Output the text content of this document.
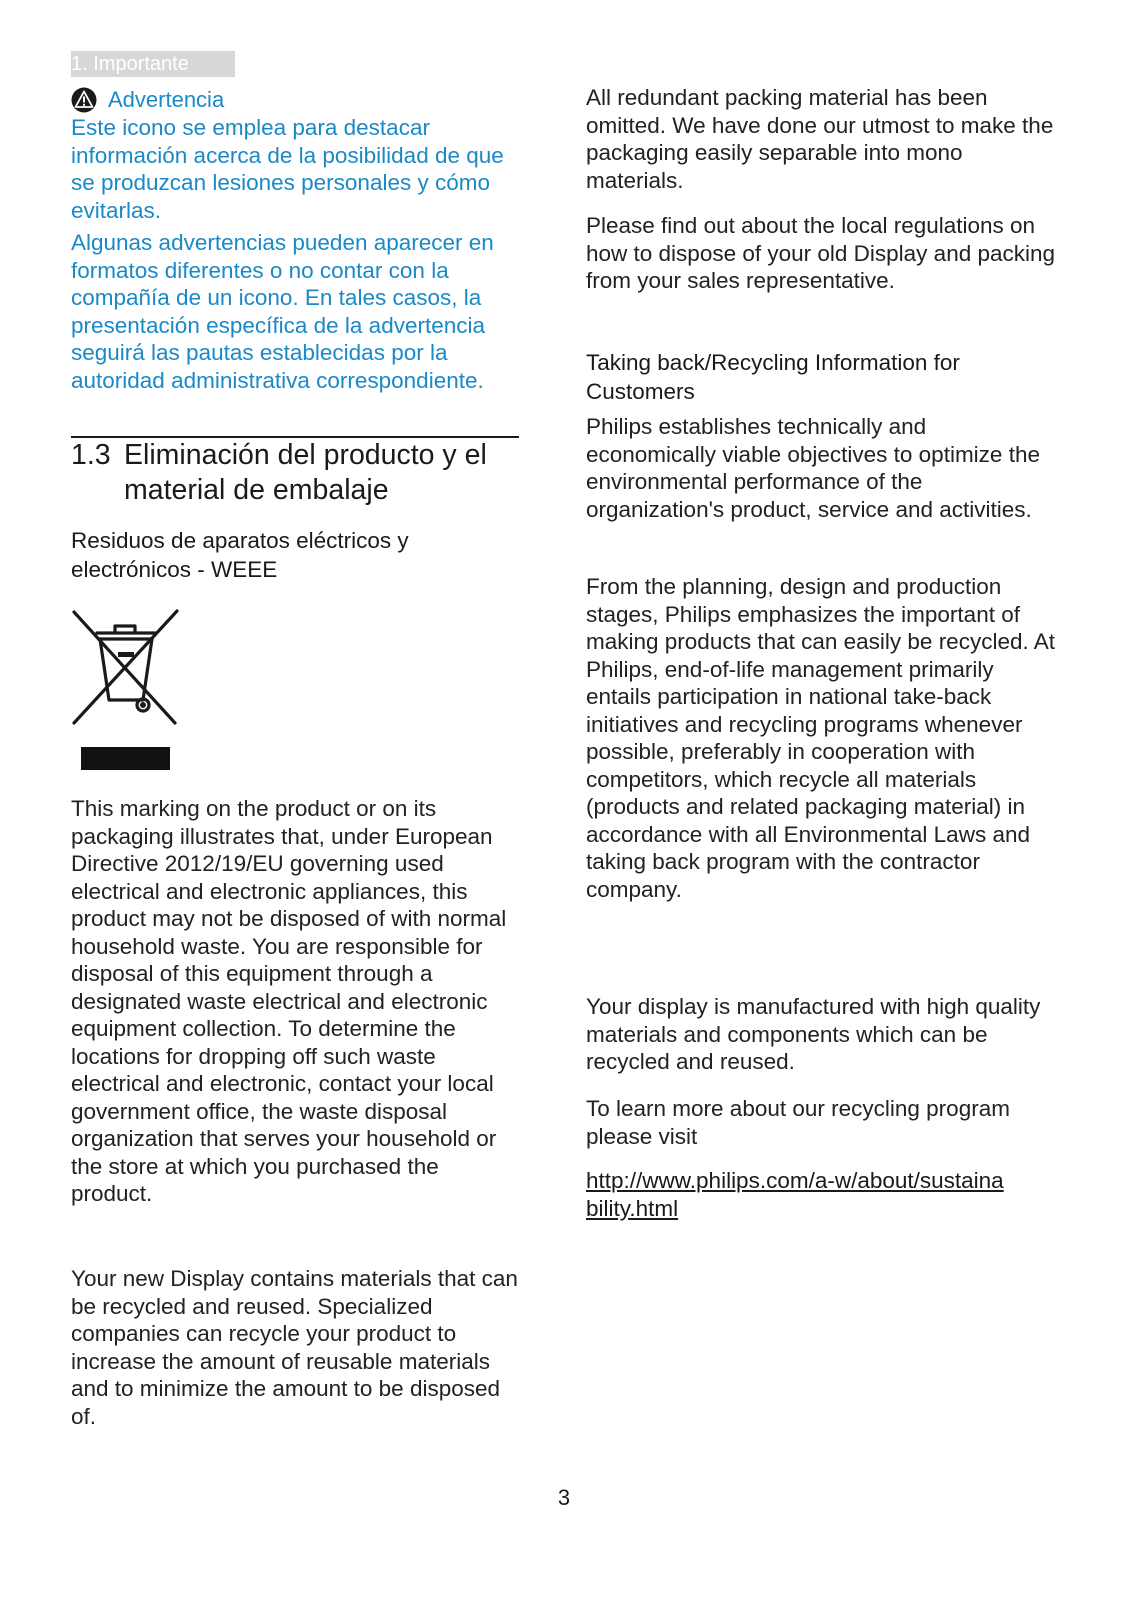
1. Importante
Advertencia

Este icono se emplea para destacar información acerca de la posibilidad de que se produzcan lesiones personales y cómo evitarlas.

Algunas advertencias pueden aparecer en formatos diferentes o no contar con la compañía de un icono. En tales casos, la presentación específica de la advertencia seguirá las pautas establecidas por la autoridad administrativa correspondiente.

1.3 Eliminación del producto y el material de embalaje

Residuos de aparatos eléctricos y electrónicos - WEEE

This marking on the product or on its packaging illustrates that, under European Directive 2012/19/EU governing used electrical and electronic appliances, this product may not be disposed of with normal household waste. You are responsible for disposal of this equipment through a designated waste electrical and electronic equipment collection. To determine the locations for dropping off such waste electrical and electronic, contact your local government office, the waste disposal organization that serves your household or the store at which you purchased the product.

Your new Display contains materials that can be recycled and reused. Specialized companies can recycle your product to increase the amount of reusable materials and to minimize the amount to be disposed of.

All redundant packing material has been omitted. We have done our utmost to make the packaging easily separable into mono materials.

Please find out about the local regulations on how to dispose of your old Display and packing from your sales representative.

Taking back/Recycling Information for Customers

Philips establishes technically and economically viable objectives to optimize the environmental performance of the organization's product, service and activities.

From the planning, design and production stages, Philips emphasizes the important of making products that can easily be recycled. At Philips, end-of-life management primarily entails participation in national take-back initiatives and recycling programs whenever possible, preferably in cooperation with competitors, which recycle all materials (products and related packaging material) in accordance with all Environmental Laws and taking back program with the contractor company.

Your display is manufactured with high quality materials and components which can be recycled and reused.

To learn more about our recycling program please visit

http://www.philips.com/a-w/about/sustainability.html
3
